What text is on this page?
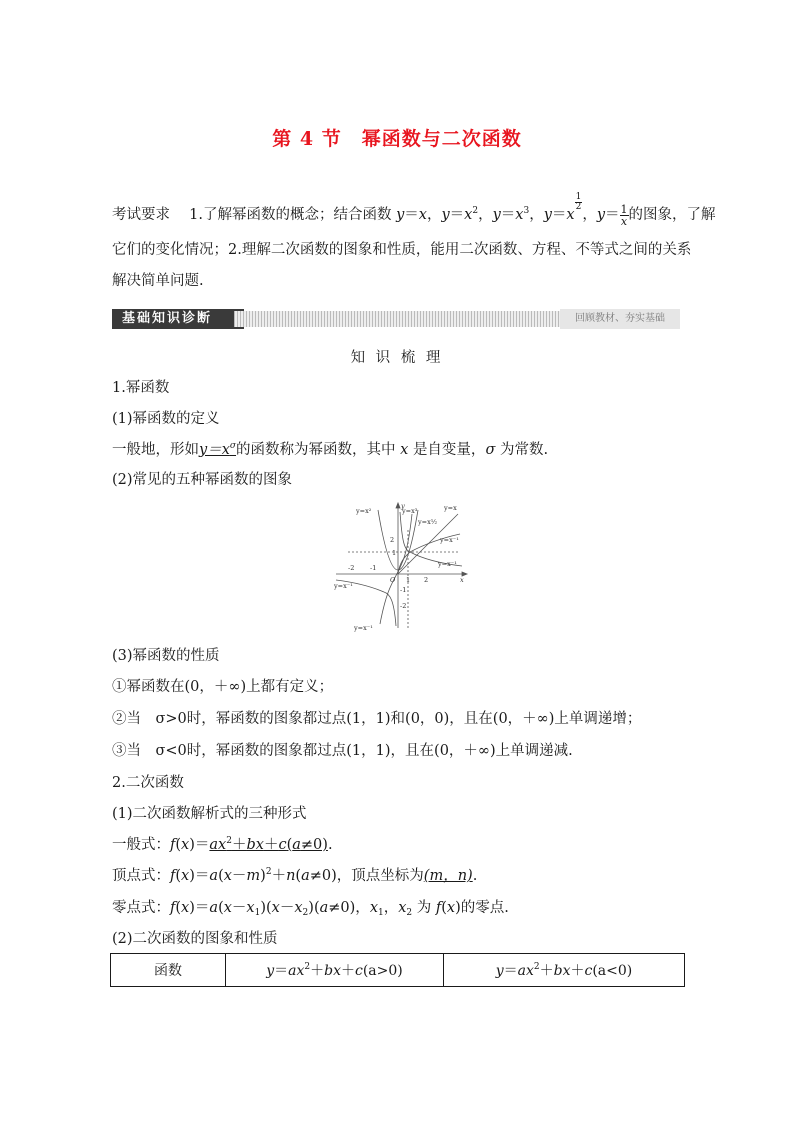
第 4 节　幂函数与二次函数
考试要求　 1.了解幂函数的概念；结合函数 y＝x，$y=x^2$，$y=x^3$，y＝x
$\frac{1}{2}$
，$y= \frac{1}{x}$ 的图象，了解
它们的变化情况；2.理解二次函数的图象和性质，能用二次函数、方程、不等式之间的关系
解决简单问题.
基础知识诊断	回顾教材、夯实基础
知 识 梳 理
1.幂函数
(1)幂函数的定义
一般地，形如$y=x^\sigma$的函数称为幂函数，其中 x 是自变量，σ 为常数.
(2)常见的五种幂函数的图象
y=x²	y=x³
y=x½
y=x
y=x⁻¹
y=x⁻¹
y=x⁻¹
y=x⁻¹
x
y
O
2
1
-1
-2
-2 -1
1 2
(3)幂函数的性质
①幂函数在(0，＋∞)上都有定义；
②当　σ>0时，幂函数的图象都过点(1，1)和(0，0)，且在(0，＋∞)上单调递增；
③当　σ<0时，幂函数的图象都过点(1，1)，且在(0，＋∞)上单调递减.
2.二次函数
(1)二次函数解析式的三种形式
一般式：$f(x)=ax^2+bx+c(a\ne 0)$.
顶点式：$f(x)=a(x-m)^2+n(a\ne 0)$，顶点坐标为(m，n).
零点式：$f(x)=a(x-x_1)(x-x_2)(a\ne 0)$，$x_1$，$x_2$ 为 f(x)的零点.
(2)二次函数的图象和性质
函数	$y=ax^2+bx+c(a>0)$	$y=ax^2+bx+c(a<0)$
